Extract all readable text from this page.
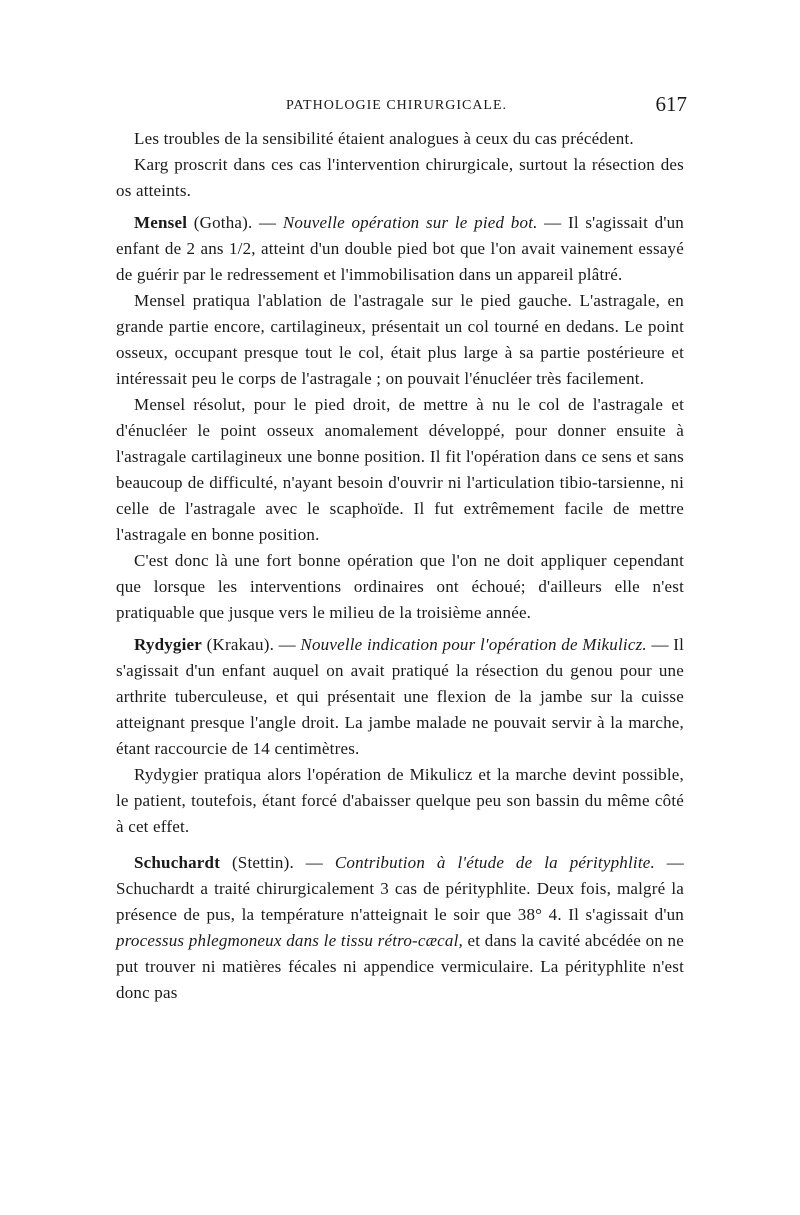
PATHOLOGIE CHIRURGICALE.	617

Les troubles de la sensibilité étaient analogues à ceux du cas précédent.

Karg proscrit dans ces cas l'intervention chirurgicale, surtout la résection des os atteints.

Mensel (Gotha). — Nouvelle opération sur le pied bot. — Il s'agissait d'un enfant de 2 ans 1/2, atteint d'un double pied bot que l'on avait vainement essayé de guérir par le redressement et l'immobilisation dans un appareil plâtré.

Mensel pratiqua l'ablation de l'astragale sur le pied gauche. L'astragale, en grande partie encore, cartilagineux, présentait un col tourné en dedans. Le point osseux, occupant presque tout le col, était plus large à sa partie postérieure et intéressait peu le corps de l'astragale ; on pouvait l'énucléer très facilement.

Mensel résolut, pour le pied droit, de mettre à nu le col de l'astragale et d'énucléer le point osseux anomalement développé, pour donner ensuite à l'astragale cartilagineux une bonne position. Il fit l'opération dans ce sens et sans beaucoup de difficulté, n'ayant besoin d'ouvrir ni l'articulation tibio-tarsienne, ni celle de l'astragale avec le scaphoïde. Il fut extrêmement facile de mettre l'astragale en bonne position.

C'est donc là une fort bonne opération que l'on ne doit appliquer cependant que lorsque les interventions ordinaires ont échoué; d'ailleurs elle n'est pratiquable que jusque vers le milieu de la troisième année.

Rydygier (Krakau). — Nouvelle indication pour l'opération de Mikulicz. — Il s'agissait d'un enfant auquel on avait pratiqué la résection du genou pour une arthrite tuberculeuse, et qui présentait une flexion de la jambe sur la cuisse atteignant presque l'angle droit. La jambe malade ne pouvait servir à la marche, étant raccourcie de 14 centimètres.

Rydygier pratiqua alors l'opération de Mikulicz et la marche devint possible, le patient, toutefois, étant forcé d'abaisser quelque peu son bassin du même côté à cet effet.

Schuchardt (Stettin). — Contribution à l'étude de la pérityphlite. — Schuchardt a traité chirurgicalement 3 cas de pérityphlite. Deux fois, malgré la présence de pus, la température n'atteignait le soir que 38° 4. Il s'agissait d'un processus phlegmoneux dans le tissu rétro-cæcal, et dans la cavité abcédée on ne put trouver ni matières fécales ni appendice vermiculaire. La pérityphlite n'est donc pas
